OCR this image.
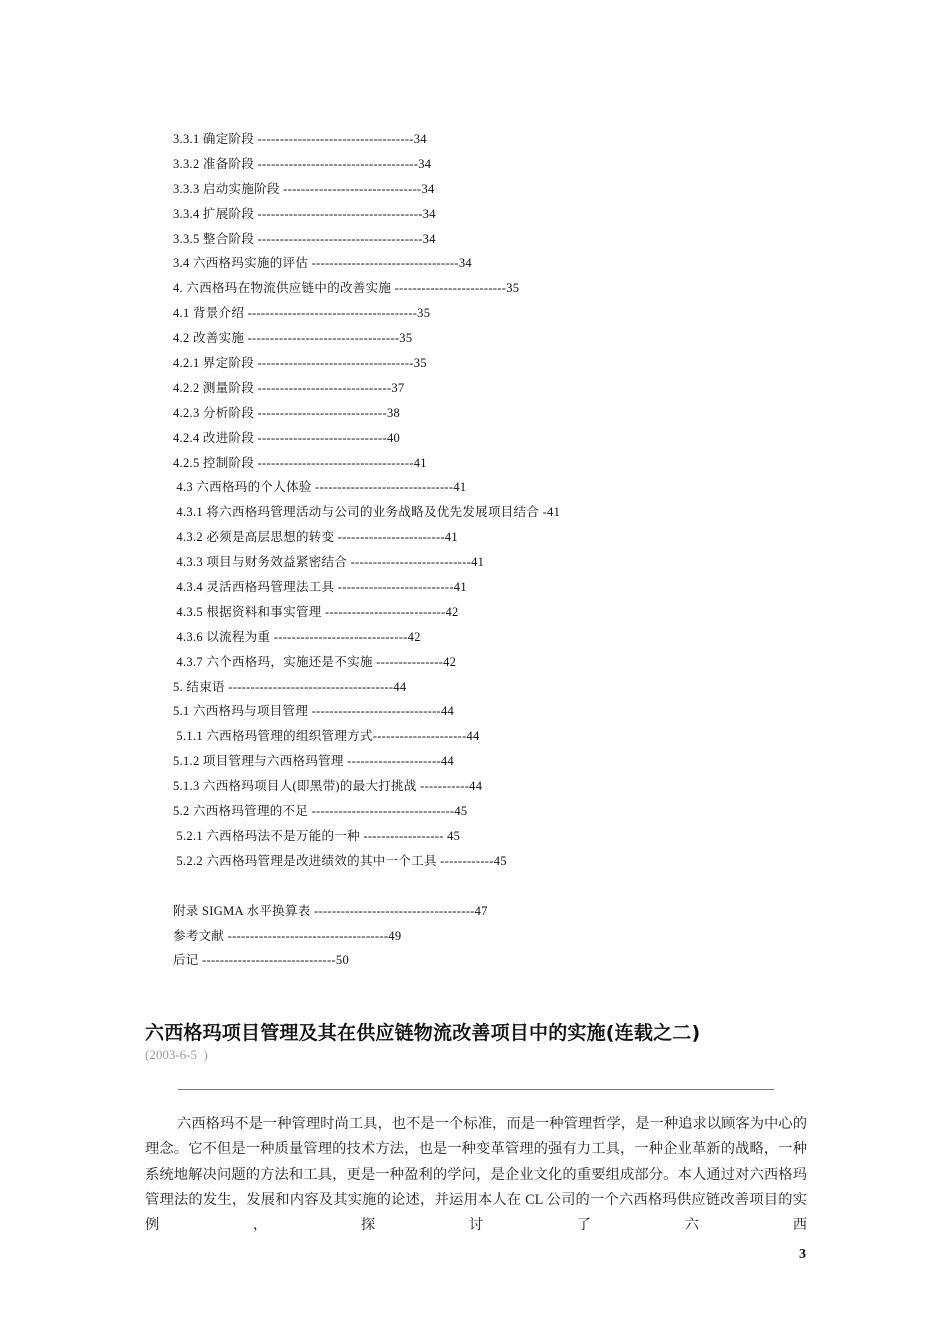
3.3.1 确定阶段 -----------------------------------34
3.3.2 准备阶段 ------------------------------------34
3.3.3 启动实施阶段 -------------------------------34
3.3.4 扩展阶段 -------------------------------------34
3.3.5 整合阶段 -------------------------------------34
3.4 六西格玛实施的评估 ---------------------------------34
4. 六西格玛在物流供应链中的改善实施 -------------------------35
4.1 背景介绍 --------------------------------------35
4.2 改善实施 ----------------------------------35
4.2.1 界定阶段 -----------------------------------35
4.2.2 测量阶段 ------------------------------37
4.2.3 分析阶段 -----------------------------38
4.2.4 改进阶段 -----------------------------40
4.2.5 控制阶段 -----------------------------------41
4.3 六西格玛的个人体验 -------------------------------41
4.3.1 将六西格玛管理活动与公司的业务战略及优先发展项目结合 -41
4.3.2 必须是高层思想的转变 ------------------------41
4.3.3 项目与财务效益紧密结合 ---------------------------41
4.3.4 灵活西格玛管理法工具 --------------------------41
4.3.5 根据资料和事实管理 ---------------------------42
4.3.6 以流程为重 ------------------------------42
4.3.7 六个西格玛，实施还是不实施 ---------------42
5. 结束语 -------------------------------------44
5.1 六西格玛与项目管理 -----------------------------44
5.1.1 六西格玛管理的组织管理方式---------------------44
5.1.2 项目管理与六西格玛管理 ---------------------44
5.1.3 六西格玛项目人(即黑带)的最大打挑战 -----------44
5.2 六西格玛管理的不足 --------------------------------45
5.2.1 六西格玛法不是万能的一种 ------------------ 45
5.2.2 六西格玛管理是改进绩效的其中一个工具 ------------45
附录 SIGMA 水平换算表 ------------------------------------47
参考文献 ------------------------------------49
后记 ------------------------------50
六西格玛项目管理及其在供应链物流改善项目中的实施(连载之二)
(2003-6-5  )
六西格玛不是一种管理时尚工具，也不是一个标准，而是一种管理哲学，是一种追求以顾客为中心的理念。它不但是一种质量管理的技术方法，也是一种变革管理的强有力工具，一种企业革新的战略，一种系统地解决问题的方法和工具，更是一种盈利的学问，是企业文化的重要组成部分。本人通过对六西格玛管理法的发生，发展和内容及其实施的论述，并运用本人在 CL 公司的一个六西格玛供应链改善项目的实例，探讨了六西
3
